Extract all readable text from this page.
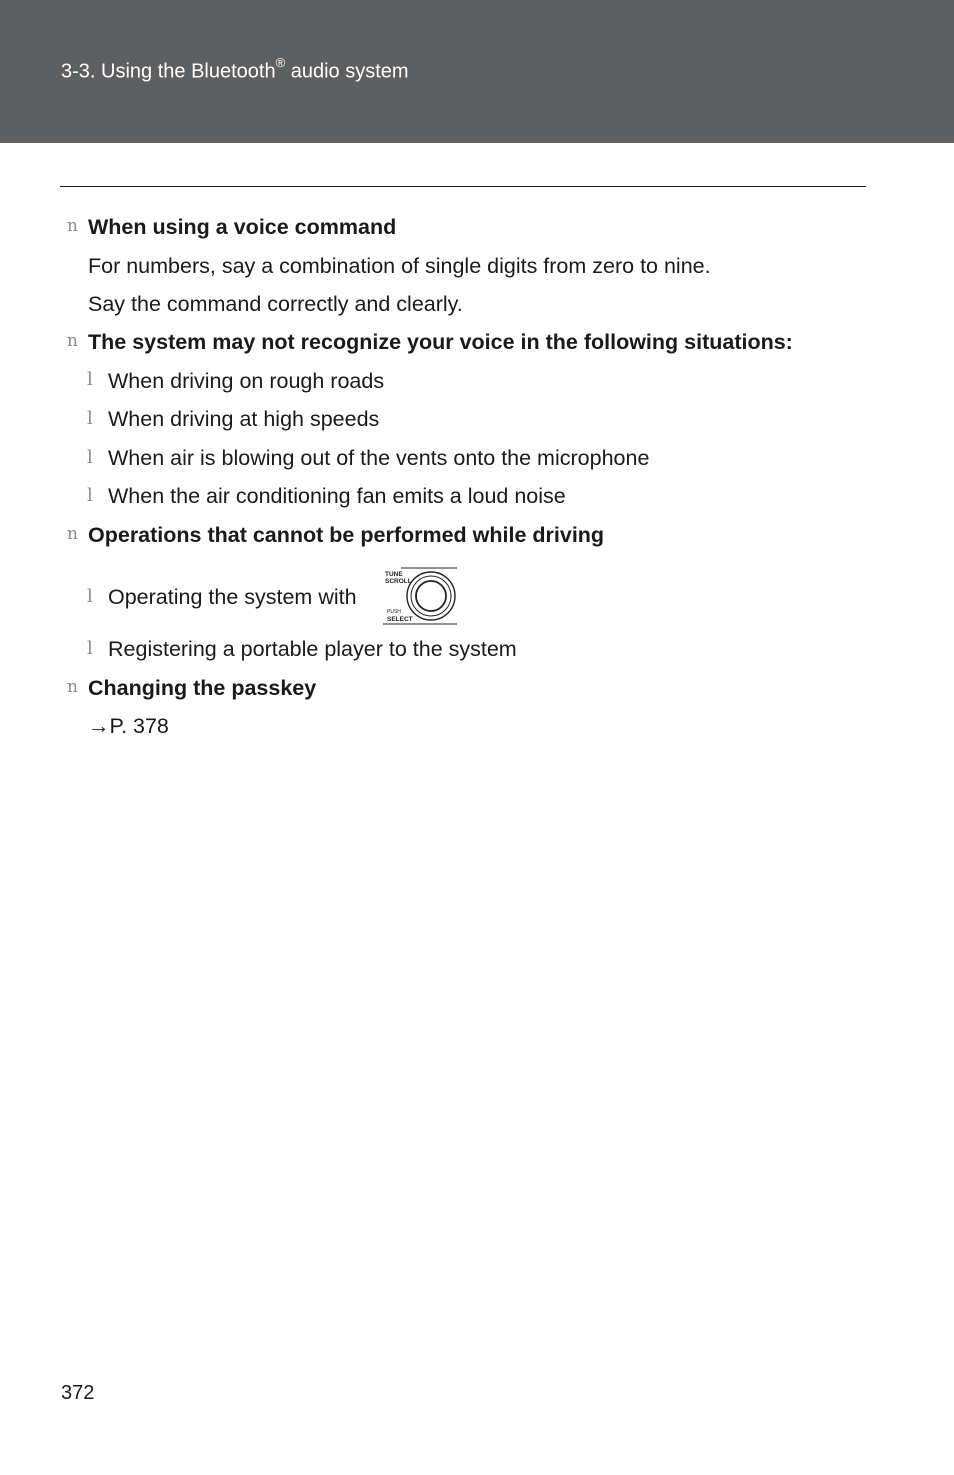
3-3. Using the Bluetooth® audio system
n When using a voice command
For numbers, say a combination of single digits from zero to nine.
Say the command correctly and clearly.
n The system may not recognize your voice in the following situations:
l When driving on rough roads
l When driving at high speeds
l When air is blowing out of the vents onto the microphone
l When the air conditioning fan emits a loud noise
n Operations that cannot be performed while driving
l Operating the system with
TUNE
SCROLL
PUSH
SELECT
l Registering a portable player to the system
n Changing the passkey
→P. 378
372
